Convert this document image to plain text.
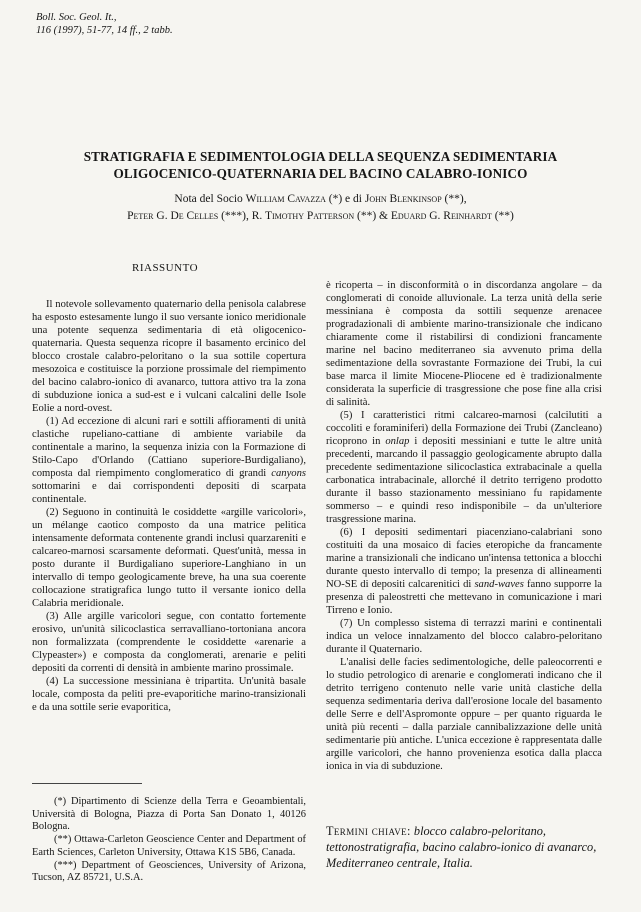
Boll. Soc. Geol. It.,
116 (1997), 51-77, 14 ff., 2 tabb.
STRATIGRAFIA E SEDIMENTOLOGIA DELLA SEQUENZA SEDIMENTARIA
OLIGOCENICO-QUATERNARIA DEL BACINO CALABRO-IONICO
Nota del Socio William Cavazza (*) e di John Blenkinsop (**),
Peter G. De Celles (***), R. Timothy Patterson (**) & Eduard G. Reinhardt (**)
RIASSUNTO

Il notevole sollevamento quaternario della penisola calabrese ha esposto estesamente lungo il suo versante ionico meridionale una potente sequenza sedimentaria di età oligocenico-quaternaria. Questa sequenza ricopre il basamento ercinico del blocco crostale calabro-peloritano o la sua sottile copertura mesozoica e costituisce la porzione prossimale del riempimento del bacino calabro-ionico di avanarco, tuttora attivo tra la zona di subduzione ionica a sud-est e i vulcani calcalini delle Isole Eolie a nord-ovest.

(1) Ad eccezione di alcuni rari e sottili affioramenti di unità clastiche rupeliano-cattiane di ambiente variabile da continentale a marino, la sequenza inizia con la Formazione di Stilo-Capo d'Orlando (Cattiano superiore-Burdigaliano), composta dal riempimento conglomeratico di grandi canyons sottomarini e dai corrispondenti depositi di scarpata continentale.

(2) Seguono in continuità le cosiddette «argille varicolori», un mélange caotico composto da una matrice pelitica intensamente deformata contenente grandi inclusi quarzareniti e calcareo-marnosi scarsamente deformati. Quest'unità, messa in posto durante il Burdigaliano superiore-Langhiano in un intervallo di tempo geologicamente breve, ha una sua coerente collocazione stratigrafica lungo tutto il versante ionico della Calabria meridionale.

(3) Alle argille varicolori segue, con contatto fortemente erosivo, un'unità silicoclastica serravalliano-tortoniana ancora non formalizzata (comprendente le cosiddette «arenarie a Clypeaster») e composta da conglomerati, arenarie e peliti depositi da correnti di densità in ambiente marino prossimale.

(4) La successione messiniana è tripartita. Un'unità basale locale, composta da peliti pre-evaporitiche marino-transizionali e da una sottile serie evaporitica,

è ricoperta – in disconformità o in discordanza angolare – da conglomerati di conoide alluvionale. La terza unità della serie messiniana è composta da sottili sequenze arenacee progradazionali di ambiente marino-transizionale che indicano chiaramente come il ristabilirsi di condizioni francamente marine nel bacino mediterraneo sia avvenuto prima della sedimentazione della sovrastante Formazione dei Trubi, la cui base marca il limite Miocene-Pliocene ed è tradizionalmente considerata la superficie di trasgressione che pose fine alla crisi di salinità.

(5) I caratteristici ritmi calcareo-marnosi (calcilutiti a coccoliti e foraminiferi) della Formazione dei Trubi (Zancleano) ricoprono in onlap i depositi messiniani e tutte le altre unità precedenti, marcando il passaggio geologicamente abrupto dalla precedente sedimentazione silicoclastica extrabacinale a quella carbonatica intrabacinale, allorché il detrito terrigeno prodotto durante il basso stazionamento messiniano fu rapidamente sommerso – e quindi reso indisponibile – da un'ulteriore trasgressione marina.

(6) I depositi sedimentari piacenziano-calabriani sono costituiti da una mosaico di facies eteropiche da francamente marine a transizionali che indicano un'intensa tettonica a blocchi durante questo intervallo di tempo; la presenza di allineamenti NO-SE di depositi calcarenitici di sand-waves fanno supporre la presenza di paleostretti che mettevano in comunicazione i mari Tirreno e Ionio.

(7) Un complesso sistema di terrazzi marini e continentali indica un veloce innalzamento del blocco calabro-peloritano durante il Quaternario.

L'analisi delle facies sedimentologiche, delle paleocorrenti e lo studio petrologico di arenarie e conglomerati indicano che il detrito terrigeno contenuto nelle varie unità clastiche della sequenza sedimentaria deriva dall'erosione locale del basamento delle Serre e dell'Aspromonte oppure – per quanto riguarda le unità più recenti – dalla parziale cannibalizzazione delle unità sedimentarie più antiche. L'unica eccezione è rappresentata dalle argille varicolori, che hanno provenienza esotica dalla placca ionica in via di subduzione.

(*) Dipartimento di Scienze della Terra e Geoambientali, Università di Bologna, Piazza di Porta San Donato 1, 40126 Bologna.

(**) Ottawa-Carleton Geoscience Center and Department of Earth Sciences, Carleton University, Ottawa K1S 5B6, Canada.

(***) Department of Geosciences, University of Arizona, Tucson, AZ 85721, U.S.A.

Termini chiave: blocco calabro-peloritano, tettonostratigrafia, bacino calabro-ionico di avanarco, Mediterraneo centrale, Italia.
